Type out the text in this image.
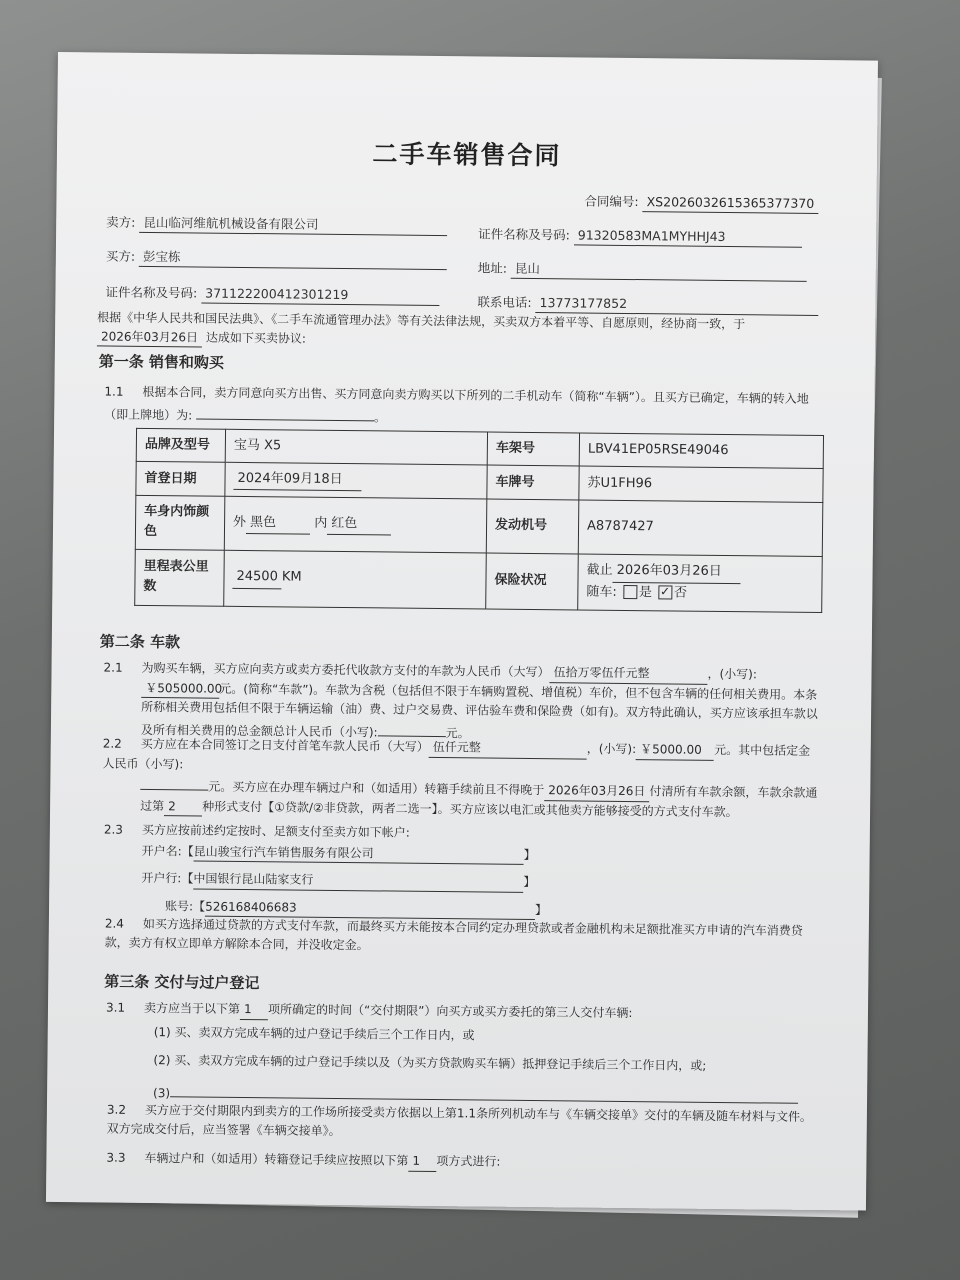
二手车销售合同
合同编号: XS2026032615365377370
卖方: 昆山临河维航机械设备有限公司
证件名称及号码: 91320583MA1MYHHJ43
买方: 彭宝栋
地址: 昆山
证件名称及号码: 371122200412301219
联系电话: 13773177852
根据《中华人民共和国民法典》、《二手车流通管理办法》等有关法律法规，买卖双方本着平等、自愿原则，经协商一致，于2026年03月26日 达成如下买卖协议:
第一条 销售和购买
1.1 根据本合同，卖方同意向买方出售、买方同意向卖方购买以下所列的二手机动车（简称“车辆”）。且买方已确定，车辆的转入地（即上牌地）为:	。
品牌及型号	宝马 X5	车架号	LBV41EP05RSE49046
首登日期	2024年09月18日	车牌号	苏U1FH96
车身内饰颜色	外 黑色 内 红色	发动机号	A8787427
里程表公里数	24500 KM	保险状况	截止 2026年03月26日
随车: 是 ✓ 否
第二条 车款
2.1 为购买车辆，买方应向卖方或卖方委托代收款方支付的车款为人民币（大写） 伍拾万零伍仟元整	，(小写):
￥505000.00元。(简称“车款”)。车款为含税（包括但不限于车辆购置税、增值税）车价，但不包含车辆的任何相关费用。本条所称相关费用包括但不限于车辆运输（油）费、过户交易费、评估验车费和保险费（如有)。双方特此确认，买方应该承担车款以及所有相关费用的总金额总计人民币（小写):	元。
2.2 买方应在本合同签订之日支付首笔车款人民币（大写） 伍仟元整	，(小写): ￥5000.00 元。其中包括定金人民币（小写):
元。买方应在办理车辆过户和（如适用）转籍手续前且不得晚于 2026年03月26日 付清所有车款余额，车款余款通过第 2 种形式支付【①贷款/②非贷款，两者二选一】。买方应该以电汇或其他卖方能够接受的方式支付车款。
2.3 买方应按前述约定按时、足额支付至卖方如下帐户:
开户名:【昆山骏宝行汽车销售服务有限公司	】
开户行:【中国银行昆山陆家支行	】
账号:【526168406683	】
2.4 如买方选择通过贷款的方式支付车款，而最终买方未能按本合同约定办理贷款或者金融机构未足额批准买方申请的汽车消费贷款，卖方有权立即单方解除本合同，并没收定金。
第三条 交付与过户登记
3.1 卖方应当于以下第 1 项所确定的时间（“交付期限”）向买方或买方委托的第三人交付车辆:
(1) 买、卖双方完成车辆的过户登记手续后三个工作日内，或
(2) 买、卖双方完成车辆的过户登记手续以及（为买方贷款购买车辆）抵押登记手续后三个工作日内，或;
(3)
3.2 买方应于交付期限内到卖方的工作场所接受卖方依据以上第1.1条所列机动车与《车辆交接单》交付的车辆及随车材料与文件。双方完成交付后，应当签署《车辆交接单》。
3.3 车辆过户和（如适用）转籍登记手续应按照以下第 1 项方式进行:
